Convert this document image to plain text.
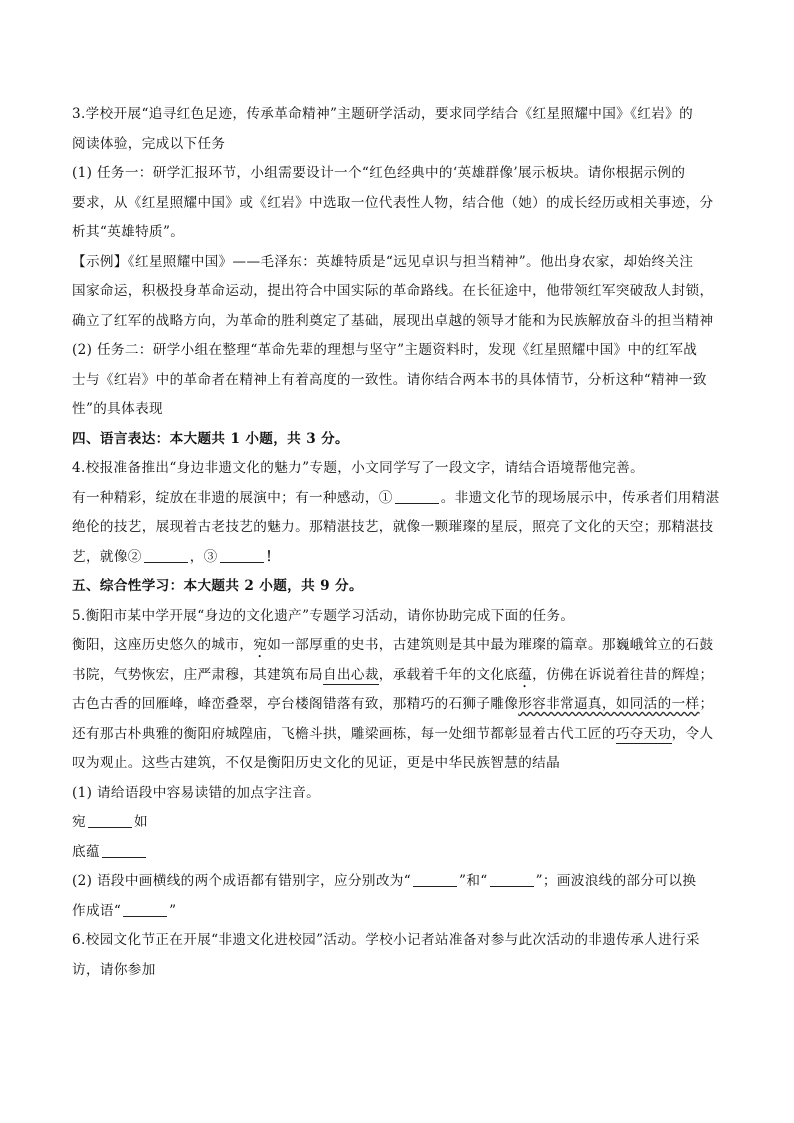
3.学校开展“追寻红色足迹，传承革命精神”主题研学活动，要求同学结合《红星照耀中国》《红岩》的
阅读体验，完成以下任务
(1) 任务一：研学汇报环节，小组需要设计一个“红色经典中的‘英雄群像’展示板块。请你根据示例的
要求，从《红星照耀中国》或《红岩》中选取一位代表性人物，结合他（她）的成长经历或相关事迹，分
析其“英雄特质”。
【示例】《红星照耀中国》——毛泽东：英雄特质是“远见卓识与担当精神”。他出身农家，却始终关注
国家命运，积极投身革命运动，提出符合中国实际的革命路线。在长征途中，他带领红军突破敌人封锁，
确立了红军的战略方向，为革命的胜利奠定了基础，展现出卓越的领导才能和为民族解放奋斗的担当精神
(2) 任务二：研学小组在整理“革命先辈的理想与坚守”主题资料时，发现《红星照耀中国》中的红军战
士与《红岩》中的革命者在精神上有着高度的一致性。请你结合两本书的具体情节，分析这种“精神一致
性”的具体表现
四、语言表达：本大题共 1 小题，共 3 分。
4.校报准备推出“身边非遗文化的魅力”专题，小文同学写了一段文字，请结合语境帮他完善。
有一种精彩，绽放在非遗的展演中；有一种感动，①	。非遗文化节的现场展示中，传承者们用精湛
绝伦的技艺，展现着古老技艺的魅力。那精湛技艺，就像一颗璀璨的星辰，照亮了文化的天空；那精湛技
艺，就像②	，③	！
五、综合性学习：本大题共 2 小题，共 9 分。
5.衡阳市某中学开展“身边的文化遗产”专题学习活动，请你协助完成下面的任务。
衡阳，这座历史悠久的城市，宛如一部厚重的史书，古建筑则是其中最为璀璨的篇章。那巍峨耸立的石鼓
书院，气势恢宏，庄严肃穆，其建筑布局自出心裁，承载着千年的文化底蕴，仿佛在诉说着往昔的辉煌；
古色古香的回雁峰，峰峦叠翠，亭台楼阁错落有致，那精巧的石狮子雕像形容非常逼真，如同活的一样；
还有那古朴典雅的衡阳府城隍庙，飞檐斗拱，雕梁画栋，每一处细节都彰显着古代工匠的巧夺天功，令人
叹为观止。这些古建筑，不仅是衡阳历史文化的见证，更是中华民族智慧的结晶
(1) 请给语段中容易读错的加点字注音。
宛	如
底蕴
(2) 语段中画横线的两个成语都有错别字，应分别改为“	”和“	”；画波浪线的部分可以换
作成语“	”
6.校园文化节正在开展“非遗文化进校园”活动。学校小记者站准备对参与此次活动的非遗传承人进行采
访，请你参加
